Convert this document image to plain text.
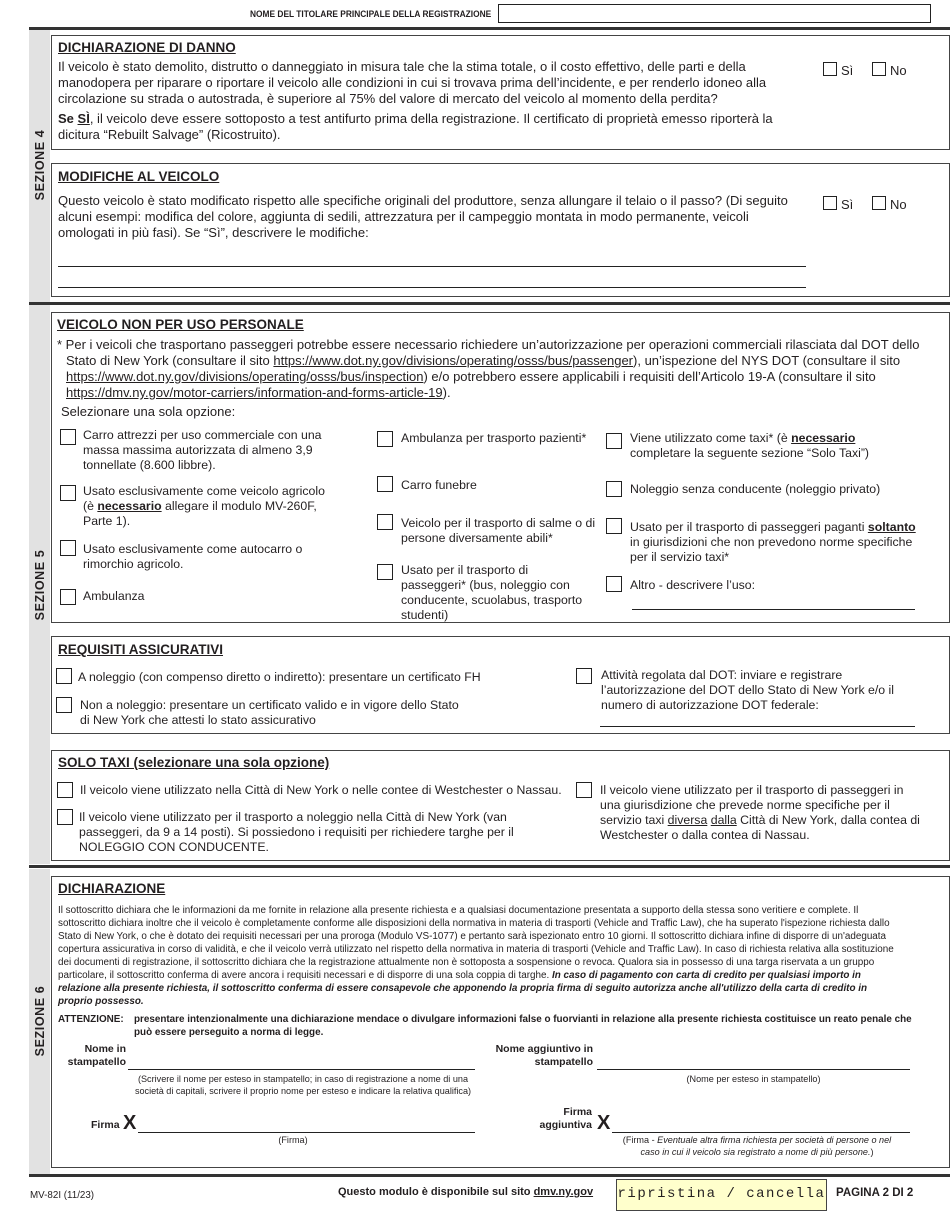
NOME DEL TITOLARE PRINCIPALE DELLA REGISTRAZIONE
SEZIONE 4
DICHIARAZIONE DI DANNO
Il veicolo è stato demolito, distrutto o danneggiato in misura tale che la stima totale, o il costo effettivo, delle parti e della manodopera per riparare o riportare il veicolo alle condizioni in cui si trovava prima dell’incidente, e per renderlo idoneo alla circolazione su strada o autostrada, è superiore al 75% del valore di mercato del veicolo al momento della perdita?
Se SÌ, il veicolo deve essere sottoposto a test antifurto prima della registrazione. Il certificato di proprietà emesso riporterà la dicitura “Rebuilt Salvage” (Ricostruito).
Sì	No
MODIFICHE AL VEICOLO
Questo veicolo è stato modificato rispetto alle specifiche originali del produttore, senza allungare il telaio o il passo? (Di seguito alcuni esempi: modifica del colore, aggiunta di sedili, attrezzatura per il campeggio montata in modo permanente, veicoli omologati in più fasi). Se “Sì”, descrivere le modifiche:
Sì	No
SEZIONE 5
VEICOLO NON PER USO PERSONALE
* Per i veicoli che trasportano passeggeri potrebbe essere necessario richiedere un’autorizzazione per operazioni commerciali rilasciata dal DOT dello Stato di New York (consultare il sito https://www.dot.ny.gov/divisions/operating/osss/bus/passenger), un’ispezione del NYS DOT (consultare il sito https://www.dot.ny.gov/divisions/operating/osss/bus/inspection) e/o potrebbero essere applicabili i requisiti dell’Articolo 19-A (consultare il sito https://dmv.ny.gov/motor-carriers/information-and-forms-article-19).
Selezionare una sola opzione:
Carro attrezzi per uso commerciale con una massa massima autorizzata di almeno 3,9 tonnellate (8.600 libbre).
Usato esclusivamente come veicolo agricolo (è necessario allegare il modulo MV-260F, Parte 1).
Usato esclusivamente come autocarro o rimorchio agricolo.
Ambulanza
Ambulanza per trasporto pazienti*
Carro funebre
Veicolo per il trasporto di salme o di persone diversamente abili*
Usato per il trasporto di passeggeri* (bus, noleggio con conducente, scuolabus, trasporto studenti)
Viene utilizzato come taxi* (è necessario completare la seguente sezione “Solo Taxi”)
Noleggio senza conducente (noleggio privato)
Usato per il trasporto di passeggeri paganti soltanto in giurisdizioni che non prevedono norme specifiche per il servizio taxi*
Altro - descrivere l’uso:
REQUISITI ASSICURATIVI
A noleggio (con compenso diretto o indiretto): presentare un certificato FH
Non a noleggio: presentare un certificato valido e in vigore dello Stato di New York che attesti lo stato assicurativo
Attività regolata dal DOT: inviare e registrare l’autorizzazione del DOT dello Stato di New York e/o il numero di autorizzazione DOT federale:
SOLO TAXI (selezionare una sola opzione)
Il veicolo viene utilizzato nella Città di New York o nelle contee di Westchester o Nassau.
Il veicolo viene utilizzato per il trasporto a noleggio nella Città di New York (van passeggeri, da 9 a 14 posti). Si possiedono i requisiti per richiedere targhe per il NOLEGGIO CON CONDUCENTE.
Il veicolo viene utilizzato per il trasporto di passeggeri in una giurisdizione che prevede norme specifiche per il servizio taxi diversa dalla Città di New York, dalla contea di Westchester o dalla contea di Nassau.
SEZIONE 6
DICHIARAZIONE
Il sottoscritto dichiara che le informazioni da me fornite in relazione alla presente richiesta e a qualsiasi documentazione presentata a supporto della stessa sono veritiere e complete. Il sottoscritto dichiara inoltre che il veicolo è completamente conforme alle disposizioni della normativa in materia di trasporti (Vehicle and Traffic Law), che ha superato l'ispezione richiesta dallo Stato di New York, o che è dotato dei requisiti necessari per una proroga (Modulo VS-1077) e pertanto sarà ispezionato entro 10 giorni. Il sottoscritto dichiara infine di disporre di un'adeguata copertura assicurativa in corso di validità, e che il veicolo verrà utilizzato nel rispetto della normativa in materia di trasporti (Vehicle and Traffic Law). In caso di richiesta relativa alla sostituzione dei documenti di registrazione, il sottoscritto dichiara che la registrazione attualmente non è sottoposta a sospensione o revoca. Qualora sia in possesso di una targa riservata a un gruppo particolare, il sottoscritto conferma di avere ancora i requisiti necessari e di disporre di una sola coppia di targhe. In caso di pagamento con carta di credito per qualsiasi importo in relazione alla presente richiesta, il sottoscritto conferma di essere consapevole che apponendo la propria firma di seguito autorizza anche all'utilizzo della carta di credito in proprio possesso.
ATTENZIONE: presentare intenzionalmente una dichiarazione mendace o divulgare informazioni false o fuorvianti in relazione alla presente richiesta costituisce un reato penale che può essere perseguito a norma di legge.
Nome in stampatello
(Scrivere il nome per esteso in stampatello; in caso di registrazione a nome di una società di capitali, scrivere il proprio nome per esteso e indicare la relativa qualifica)
Nome aggiuntivo in stampatello
(Nome per esteso in stampatello)
Firma X
(Firma)
Firma aggiuntiva X
(Firma - Eventuale altra firma richiesta per società di persone o nel caso in cui il veicolo sia registrato a nome di più persone.)
MV-82I (11/23)	Questo modulo è disponibile sul sito dmv.ny.gov ripristina / cancella PAGINA 2 DI 2
